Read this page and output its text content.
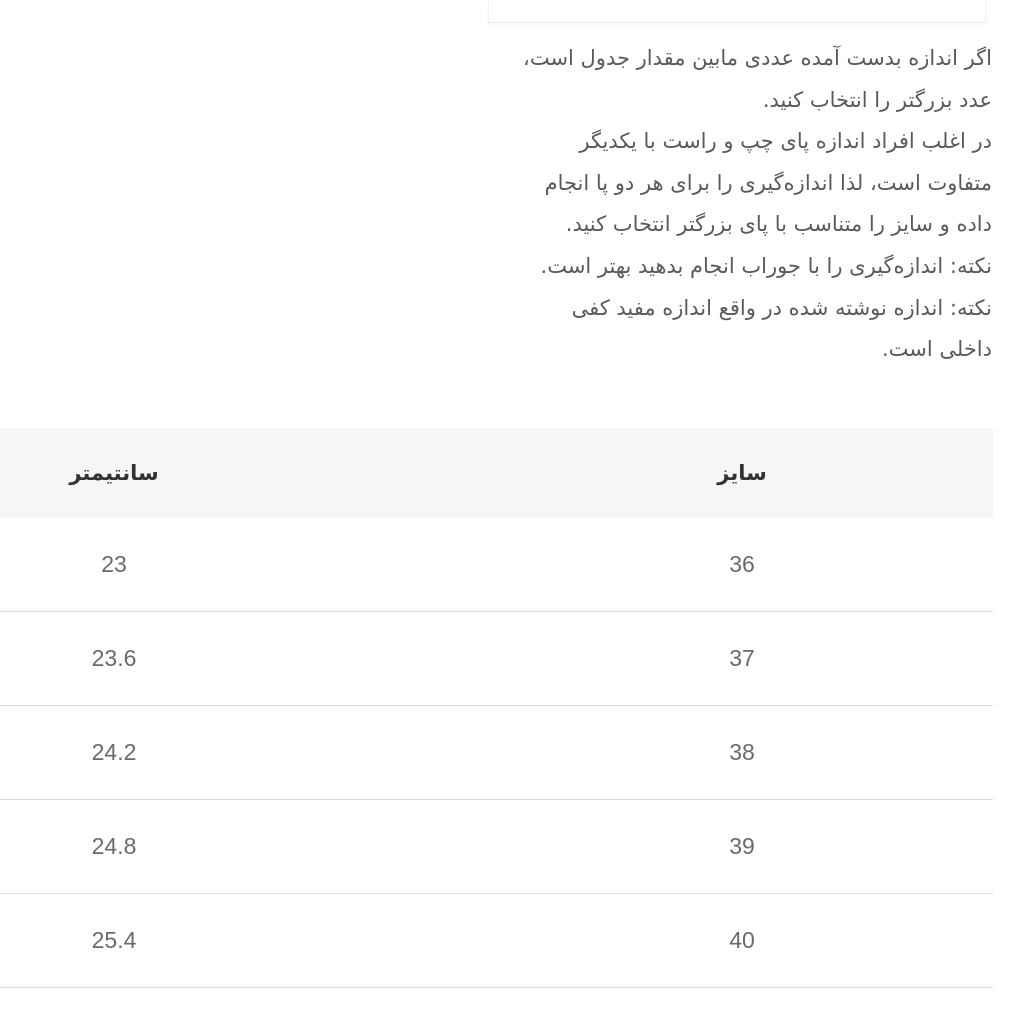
اگر اندازه بدست آمده عددی مابین مقدار جدول است،

عدد بزرگتر را انتخاب کنید.

در اغلب افراد اندازه پای چپ و راست با یکدیگر

متفاوت است، لذا اندازه‌گیری را برای هر دو پا انجام

داده و سایز را متناسب با پای بزرگتر انتخاب کنید.

نکته: اندازه‌گیری را با جوراب انجام بدهید بهتر است.

نکته: اندازه نوشته شده در واقع اندازه مفید کفی

داخلی است.

سایز
سانتیمتر
36
23
37
23.6
38
24.2
39
24.8
40
25.4
